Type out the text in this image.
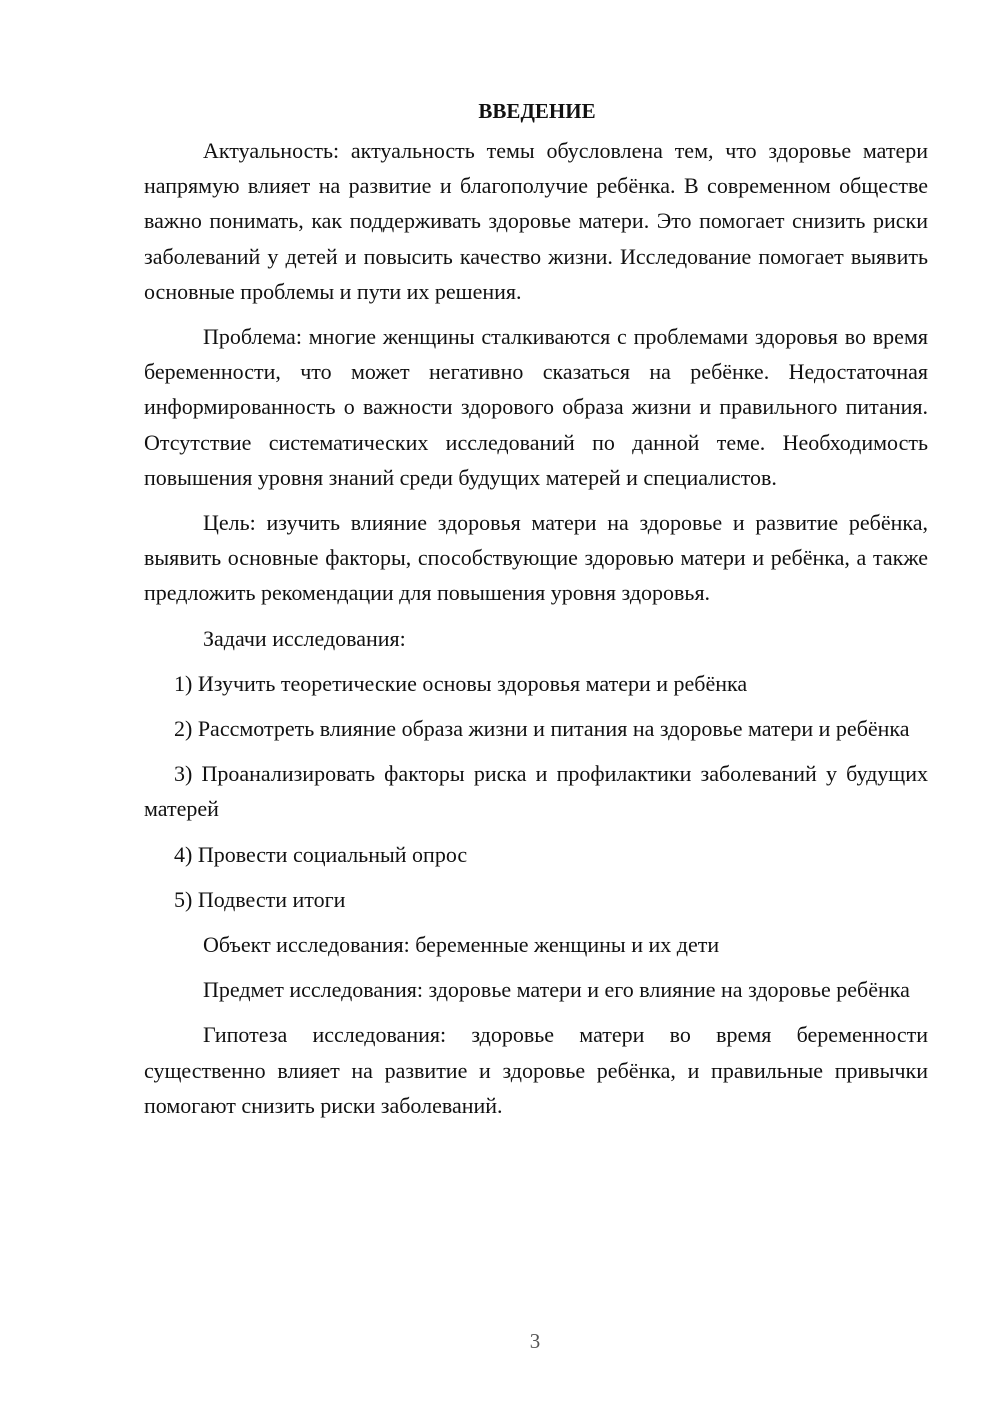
ВВЕДЕНИЕ

Актуальность: актуальность темы обусловлена тем, что здоровье матери напрямую влияет на развитие и благополучие ребёнка. В современном обществе важно понимать, как поддерживать здоровье матери. Это помогает снизить риски заболеваний у детей и повысить качество жизни. Исследование помогает выявить основные проблемы и пути их решения.

Проблема: многие женщины сталкиваются с проблемами здоровья во время беременности, что может негативно сказаться на ребёнке. Недостаточная информированность о важности здорового образа жизни и правильного питания. Отсутствие систематических исследований по данной теме. Необходимость повышения уровня знаний среди будущих матерей и специалистов.

Цель: изучить влияние здоровья матери на здоровье и развитие ребёнка, выявить основные факторы, способствующие здоровью матери и ребёнка, а также предложить рекомендации для повышения уровня здоровья.

Задачи исследования:

1) Изучить теоретические основы здоровья матери и ребёнка

2) Рассмотреть влияние образа жизни и питания на здоровье матери и ребёнка

3) Проанализировать факторы риска и профилактики заболеваний у будущих матерей

4) Провести социальный опрос

5) Подвести итоги

Объект исследования: беременные женщины и их дети

Предмет исследования: здоровье матери и его влияние на здоровье ребёнка

Гипотеза исследования: здоровье матери во время беременности существенно влияет на развитие и здоровье ребёнка, и правильные привычки помогают снизить риски заболеваний.

3
